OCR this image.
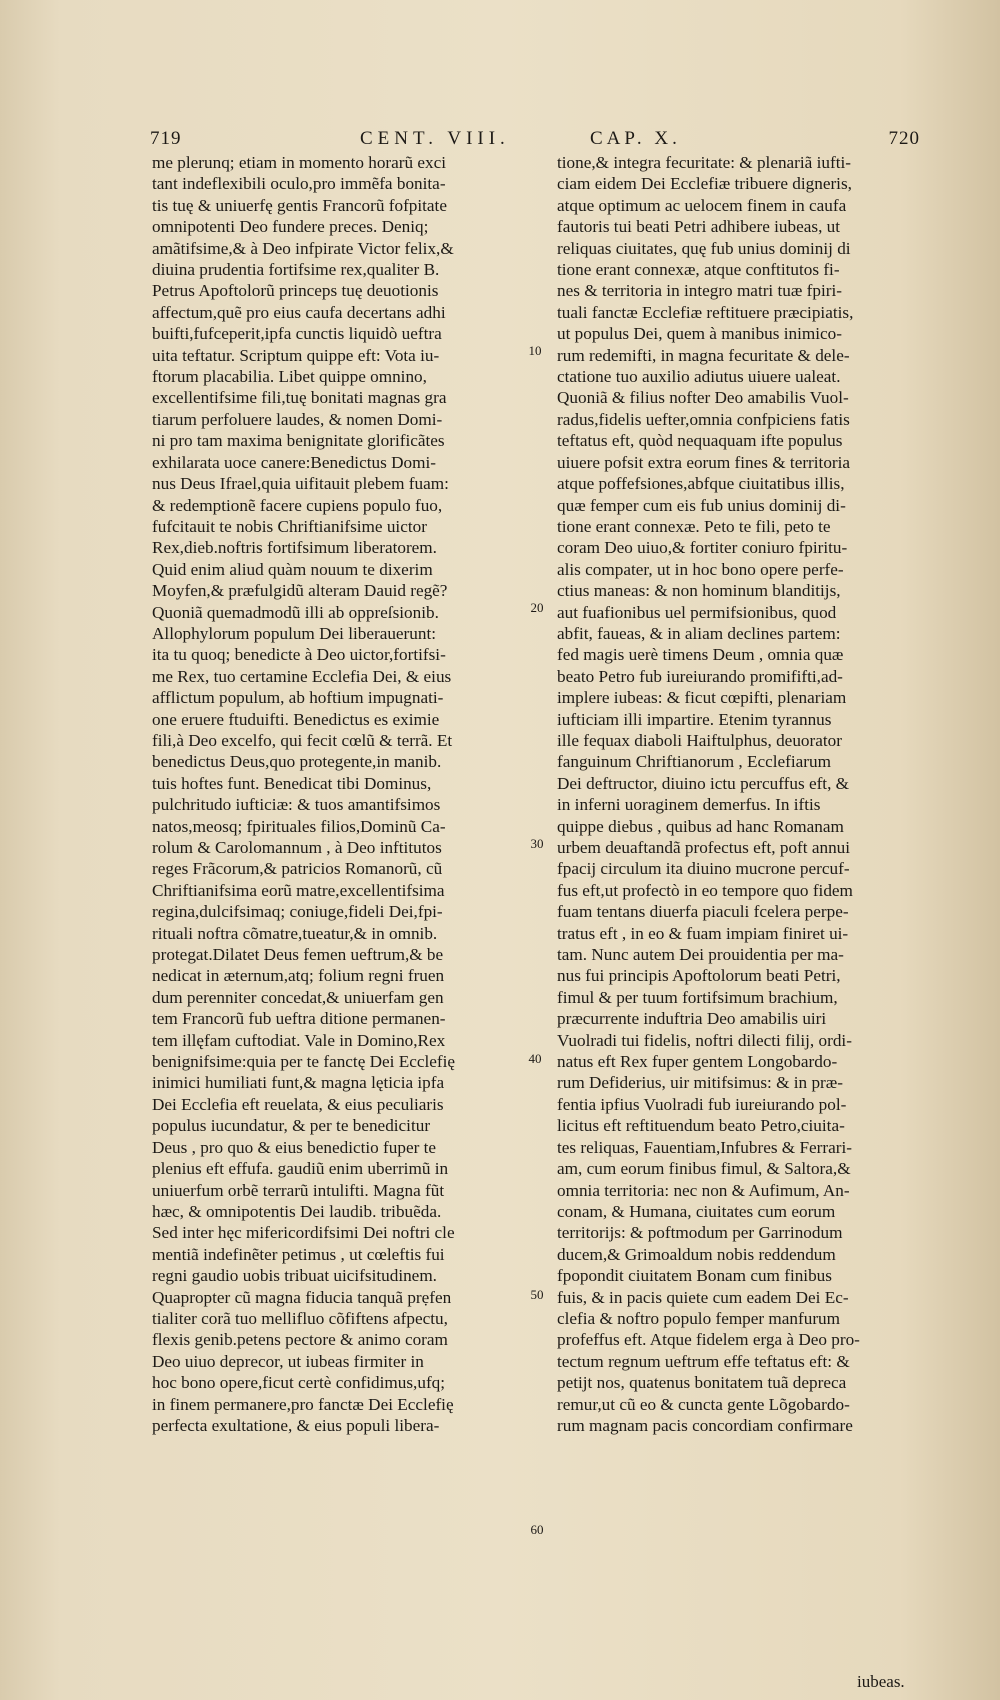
719	CENT. VIII.	CAP. X.	720
me plerunq; etiam in momento horarũ exci
tant indeflexibili oculo,pro immẽfa bonita-
tis tuę & uniuerfę gentis Francorũ fofpitate
omnipotenti Deo fundere preces. Deniq;
amãtifsime,& à Deo infpirate Victor felix,&
diuina prudentia fortifsime rex,qualiter B.
Petrus Apoftolorũ princeps tuę deuotionis
affectum,quẽ pro eius caufa decertans adhi
buifti,fufceperit,ipfa cunctis liquidò ueftra
uita teftatur. Scriptum quippe eft: Vota iu-
ftorum placabilia. Libet quippe omnino,
excellentifsime fili,tuę bonitati magnas gra
tiarum perfoluere laudes, & nomen Domi-
ni pro tam maxima benignitate glorificãtes
exhilarata uoce canere:Benedictus Domi-
nus Deus Ifrael,quia uifitauit plebem fuam:
& redemptionẽ facere cupiens populo fuo,
fufcitauit te nobis Chriftianifsime uictor
Rex,dieb.noftris fortifsimum liberatorem.
Quid enim aliud quàm nouum te dixerim
Moyfen,& præfulgidũ alteram Dauid regẽ?
Quoniã quemadmodũ illi ab oppreſsionib.
Allophylorum populum Dei liberauerunt:
ita tu quoq; benedicte à Deo uictor,fortifsi-
me Rex, tuo certamine Ecclefia Dei, & eius
afflictum populum, ab hoftium impugnati-
one eruere ftuduifti. Benedictus es eximie
fili,à Deo excelfo, qui fecit cœlũ & terrã. Et
benedictus Deus,quo protegente,in manib.
tuis hoftes funt. Benedicat tibi Dominus,
pulchritudo iufticiæ: & tuos amantifsimos
natos,meosq; fpirituales filios,Dominũ Ca-
rolum & Carolomannum , à Deo inftitutos
reges Frãcorum,& patricios Romanorũ, cũ
Chriftianifsima eorũ matre,excellentifsima
regina,dulcifsimaq; coniuge,fideli Dei,fpi-
rituali noftra cõmatre,tueatur,& in omnib.
protegat.Dilatet Deus femen ueftrum,& be
nedicat in æternum,atq; folium regni fruen
dum perenniter concedat,& uniuerfam gen
tem Francorũ fub ueftra ditione permanen-
tem illęfam cuftodiat. Vale in Domino,Rex
benignifsime:quia per te fanctę Dei Ecclefię
inimici humiliati funt,& magna lęticia ipfa
Dei Ecclefia eft reuelata, & eius peculiaris
populus iucundatur, & per te benedicitur
Deus , pro quo & eius benedictio fuper te
plenius eft effufa. gaudiũ enim uberrimũ in
uniuerfum orbẽ terrarũ intulifti. Magna fũt
hæc, & omnipotentis Dei laudib. tribuẽda.
Sed inter hęc mifericordifsimi Dei noftri cle
mentiã indefinẽter petimus , ut cœleftis fui
regni gaudio uobis tribuat uicifsitudinem.
Quapropter cũ magna fiducia tanquã prẹfen
tialiter corã tuo mellifluo cõfiftens afpectu,
flexis genib.petens pectore & animo coram
Deo uiuo deprecor, ut iubeas firmiter in
hoc bono opere,ficut certè confidimus,ufq;
in finem permanere,pro fanctæ Dei Ecclefię
perfecta exultatione, & eius populi libera-
tione,& integra fecuritate: & plenariã iufti-
ciam eidem Dei Ecclefiæ tribuere digneris,
atque optimum ac uelocem finem in caufa
fautoris tui beati Petri adhibere iubeas, ut
reliquas ciuitates, quę fub unius dominij di
tione erant connexæ, atque conftitutos fi-
nes & territoria in integro matri tuæ fpiri-
tuali fanctæ Ecclefiæ reftituere præcipiatis,
ut populus Dei, quem à manibus inimico-
rum redemifti, in magna fecuritate & dele-
ctatione tuo auxilio adiutus uiuere ualeat.
Quoniã & filius nofter Deo amabilis Vuol-
radus,fidelis uefter,omnia confpiciens fatis
teftatus eft, quòd nequaquam ifte populus
uiuere pofsit extra eorum fines & territoria
atque poffefsiones,abfque ciuitatibus illis,
quæ femper cum eis fub unius dominij di-
tione erant connexæ. Peto te fili, peto te
coram Deo uiuo,& fortiter coniuro fpiritu-
alis compater, ut in hoc bono opere perfe-
ctius maneas: & non hominum blanditijs,
aut fuafionibus uel permifsionibus, quod
abfit, faueas, & in aliam declines partem:
fed magis uerè timens Deum , omnia quæ
beato Petro fub iureiurando promififti,ad-
implere iubeas: & ficut cœpifti, plenariam
iufticiam illi impartire. Etenim tyrannus
ille fequax diaboli Haiftulphus, deuorator
fanguinum Chriftianorum , Ecclefiarum
Dei deftructor, diuino ictu percuffus eft, &
in inferni uoraginem demerfus. In iftis
quippe diebus , quibus ad hanc Romanam
urbem deuaftandã profectus eft, poft annui
fpacij circulum ita diuino mucrone percuf-
fus eft,ut profectò in eo tempore quo fidem
fuam tentans diuerfa piaculi fcelera perpe-
tratus eft , in eo & fuam impiam finiret ui-
tam. Nunc autem Dei prouidentia per ma-
nus fui principis Apoftolorum beati Petri,
fimul & per tuum fortifsimum brachium,
præcurrente induftria Deo amabilis uiri
Vuolradi tui fidelis, noftri dilecti filij, ordi-
natus eft Rex fuper gentem Longobardo-
rum Defiderius, uir mitifsimus: & in præ-
fentia ipfius Vuolradi fub iureiurando pol-
licitus eft reftituendum beato Petro,ciuita-
tes reliquas, Fauentiam,Infubres & Ferrari-
am, cum eorum finibus fimul, & Saltora,&
omnia territoria: nec non & Aufimum, An-
conam, & Humana, ciuitates cum eorum
territorijs: & poftmodum per Garrinodum
ducem,& Grimoaldum nobis reddendum
fpopondit ciuitatem Bonam cum finibus
fuis, & in pacis quiete cum eadem Dei Ec-
clefia & noftro populo femper manfurum
profeffus eft. Atque fidelem erga à Deo pro-
tectum regnum ueftrum effe teftatus eft: &
petijt nos, quatenus bonitatem tuã depreca
remur,ut cũ eo & cuncta gente Lõgobardo-
rum magnam pacis concordiam confirmare
10
20
30
40
50
60
iubeas.
